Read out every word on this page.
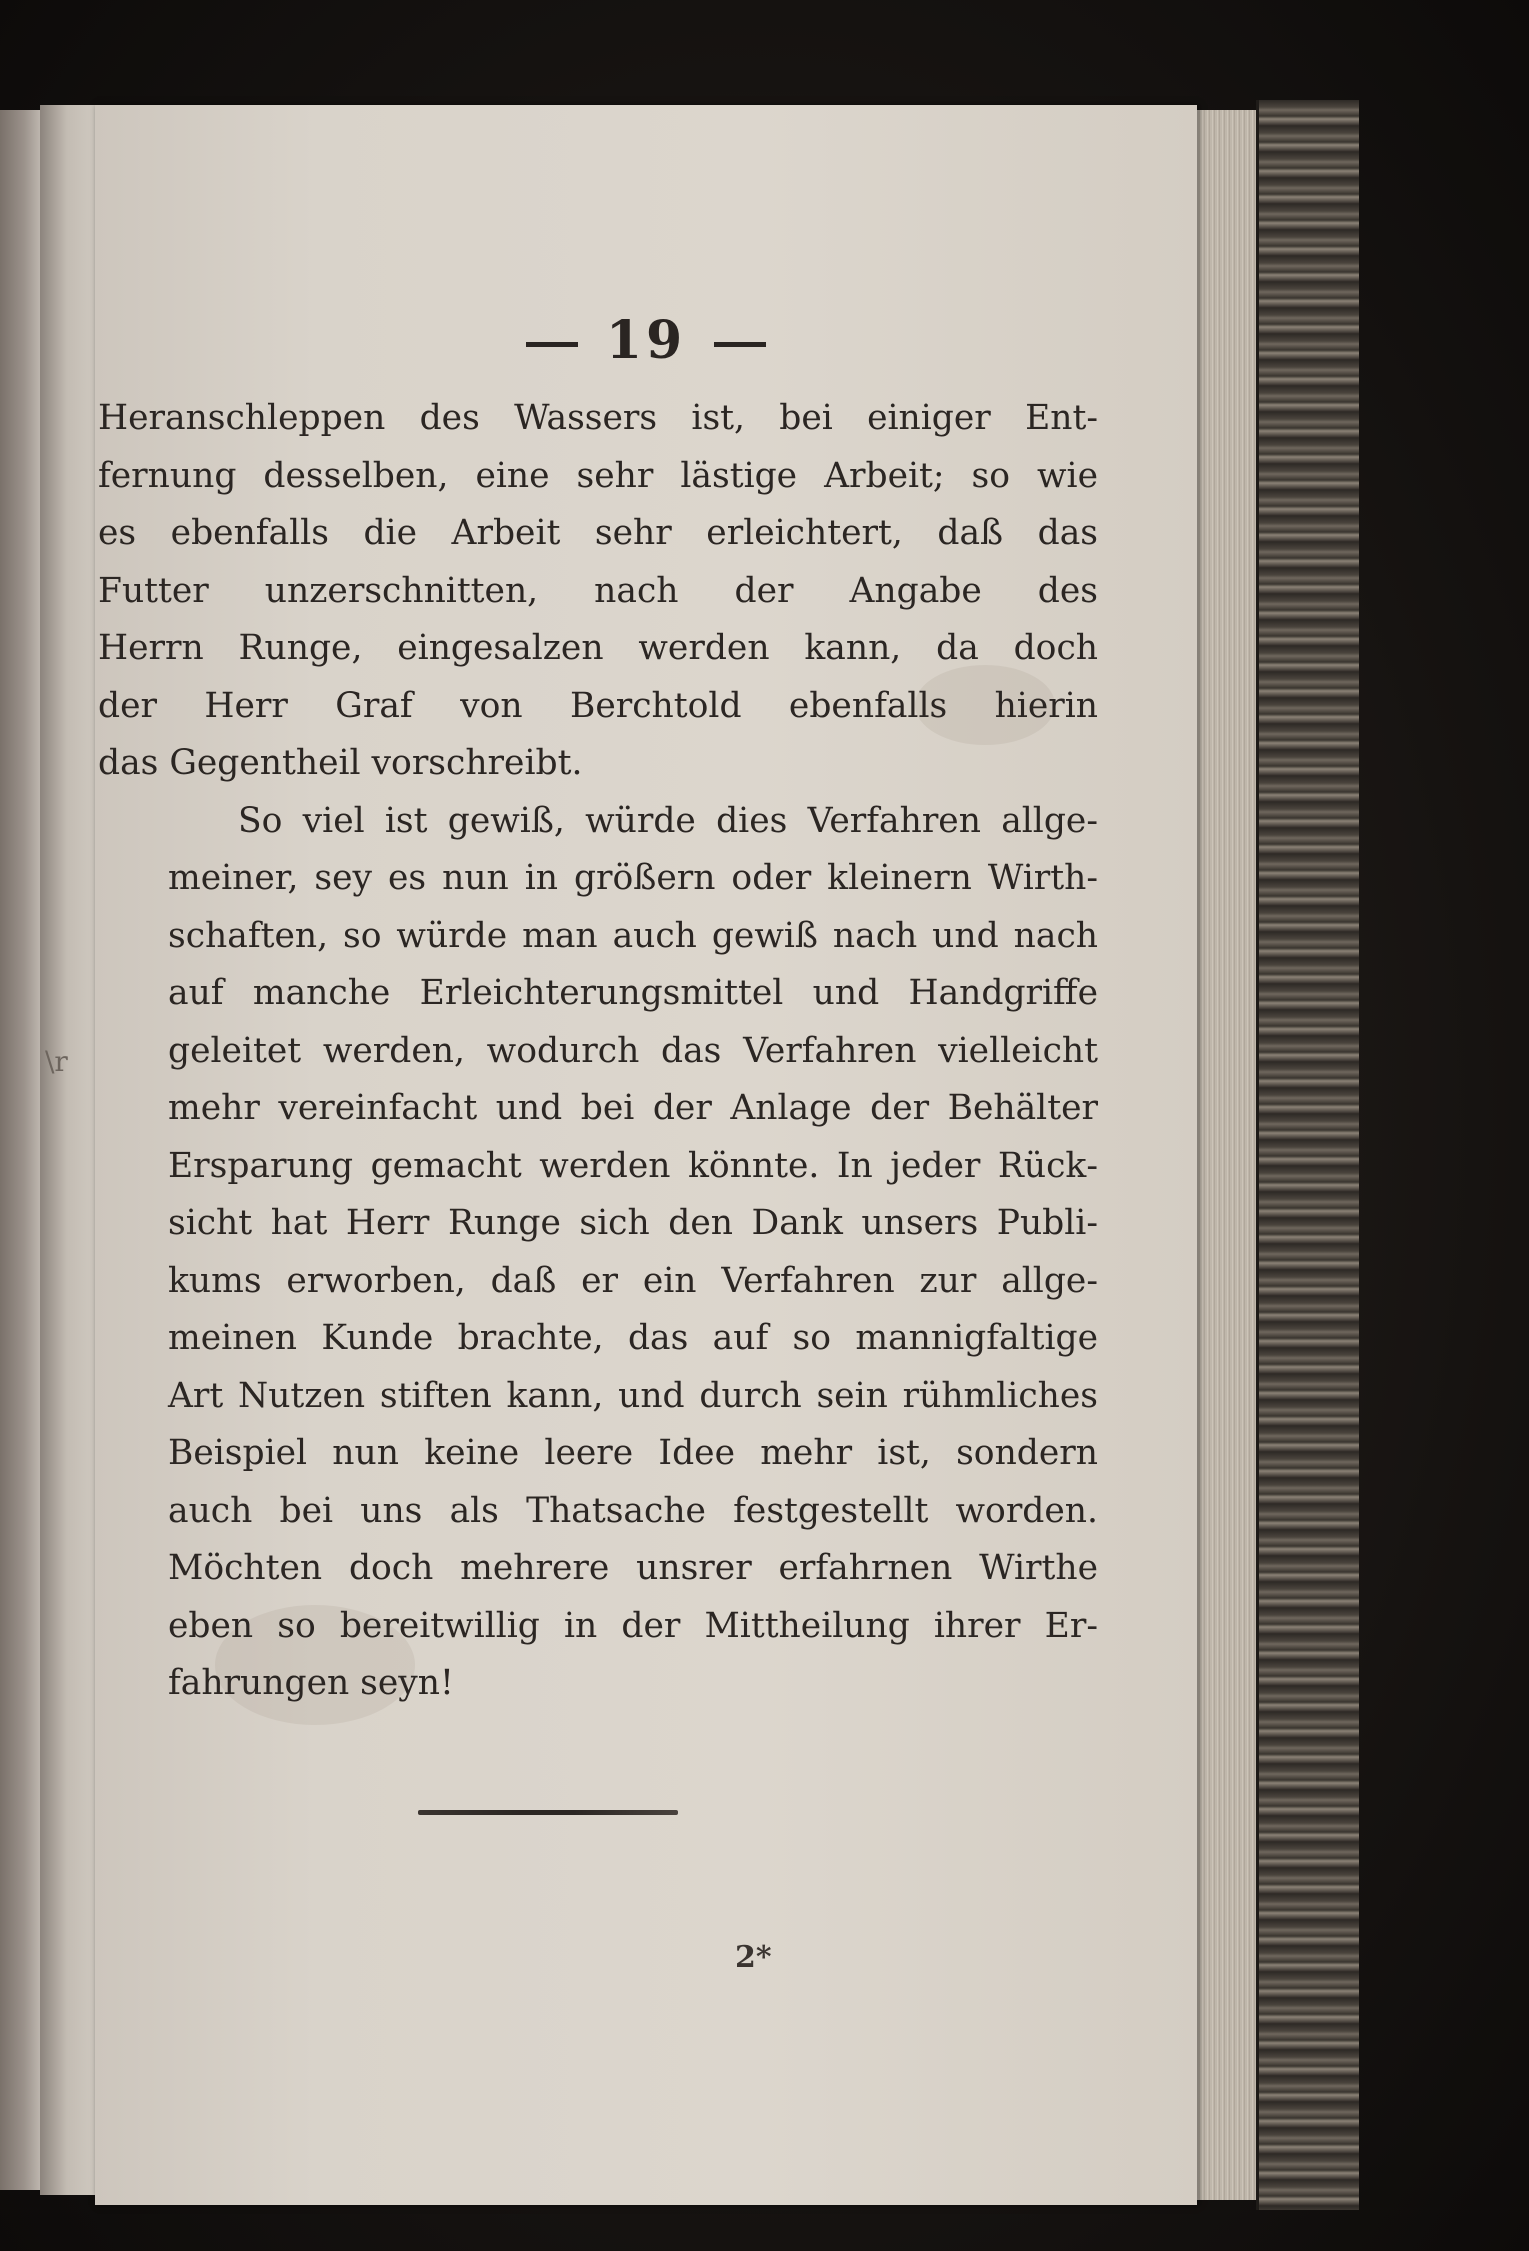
19

Heranschleppen des Wassers ist, bei einiger Ent‑
fernung desselben, eine sehr lästige Arbeit; so wie
es ebenfalls die Arbeit sehr erleichtert, daß das
Futter unzerschnitten, nach der Angabe des
Herrn Runge, eingesalzen werden kann, da doch
der Herr Graf von Berchtold ebenfalls hierin
das Gegentheil vorschreibt.

So viel ist gewiß, würde dies Verfahren allge‑
meiner, sey es nun in größern oder kleinern Wirth‑
schaften, so würde man auch gewiß nach und nach
auf manche Erleichterungsmittel und Handgriffe
geleitet werden, wodurch das Verfahren vielleicht
mehr vereinfacht und bei der Anlage der Behälter
Ersparung gemacht werden könnte. In jeder Rück‑
sicht hat Herr Runge sich den Dank unsers Publi‑
kums erworben, daß er ein Verfahren zur allge‑
meinen Kunde brachte, das auf so mannigfaltige
Art Nutzen stiften kann, und durch sein rühmliches
Beispiel nun keine leere Idee mehr ist, sondern
auch bei uns als Thatsache festgestellt worden.
Möchten doch mehrere unsrer erfahrnen Wirthe
eben so bereitwillig in der Mittheilung ihrer Er‑
fahrungen seyn!

2*
\r
